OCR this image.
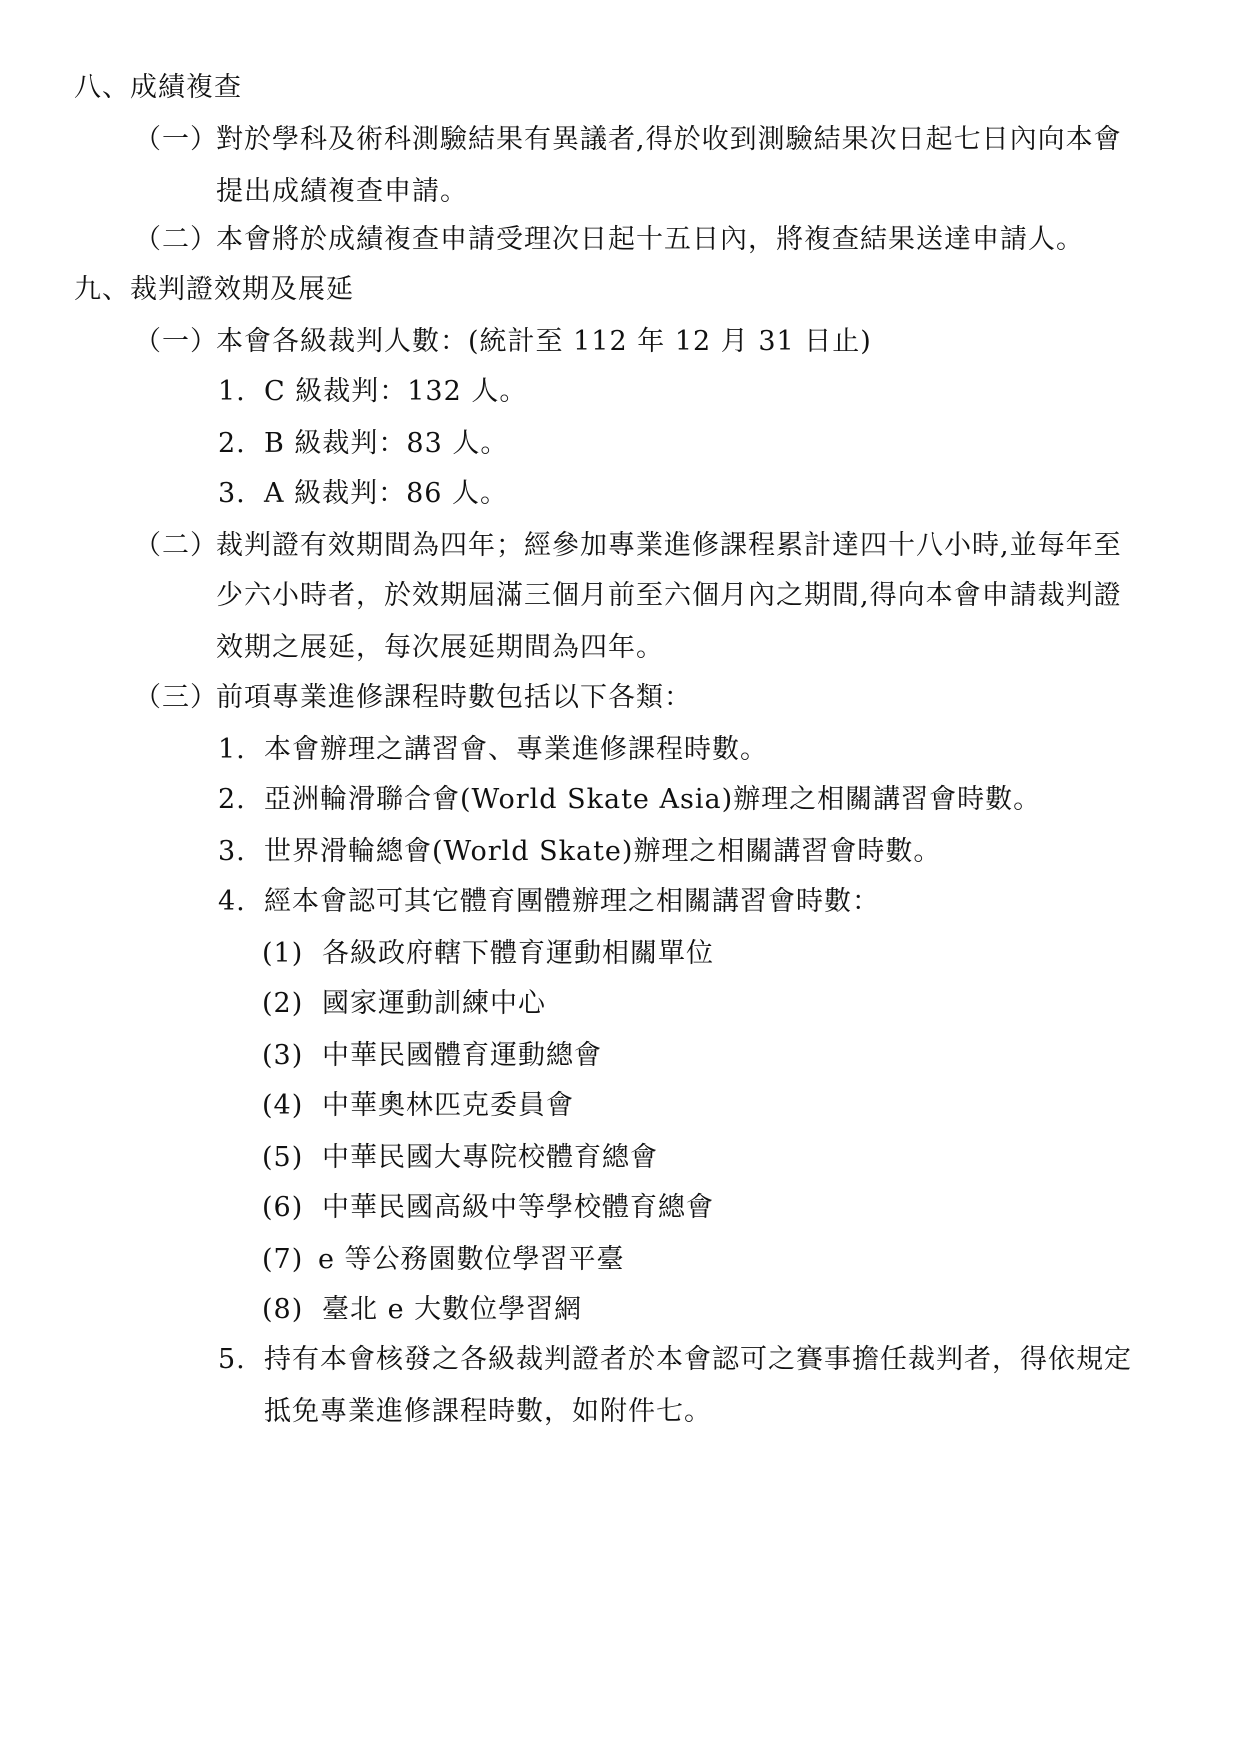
八、成績複查
（一）
對於學科及術科測驗結果有異議者,得於收到測驗結果次日起七日內向本會
提出成績複查申請。
（二）
本會將於成績複查申請受理次日起十五日內，將複查結果送達申請人。
九、裁判證效期及展延
（一）
本會各級裁判人數：(統計至 112 年 12 月 31 日止)
1. C 級裁判：132 人。
2. B 級裁判：83 人。
3. A 級裁判：86 人。
（二）
裁判證有效期間為四年；經參加專業進修課程累計達四十八小時,並每年至
少六小時者，於效期屆滿三個月前至六個月內之期間,得向本會申請裁判證
效期之展延，每次展延期間為四年。
（三）
前項專業進修課程時數包括以下各類：
1. 本會辦理之講習會、專業進修課程時數。
2. 亞洲輪滑聯合會(World Skate Asia)辦理之相關講習會時數。
3. 世界滑輪總會(World Skate)辦理之相關講習會時數。
4. 經本會認可其它體育團體辦理之相關講習會時數：
(1) 各級政府轄下體育運動相關單位
(2) 國家運動訓練中心
(3) 中華民國體育運動總會
(4) 中華奧林匹克委員會
(5) 中華民國大專院校體育總會
(6) 中華民國高級中等學校體育總會
(7) e 等公務園數位學習平臺
(8) 臺北 e 大數位學習網
5. 持有本會核發之各級裁判證者於本會認可之賽事擔任裁判者，得依規定
抵免專業進修課程時數，如附件七。
